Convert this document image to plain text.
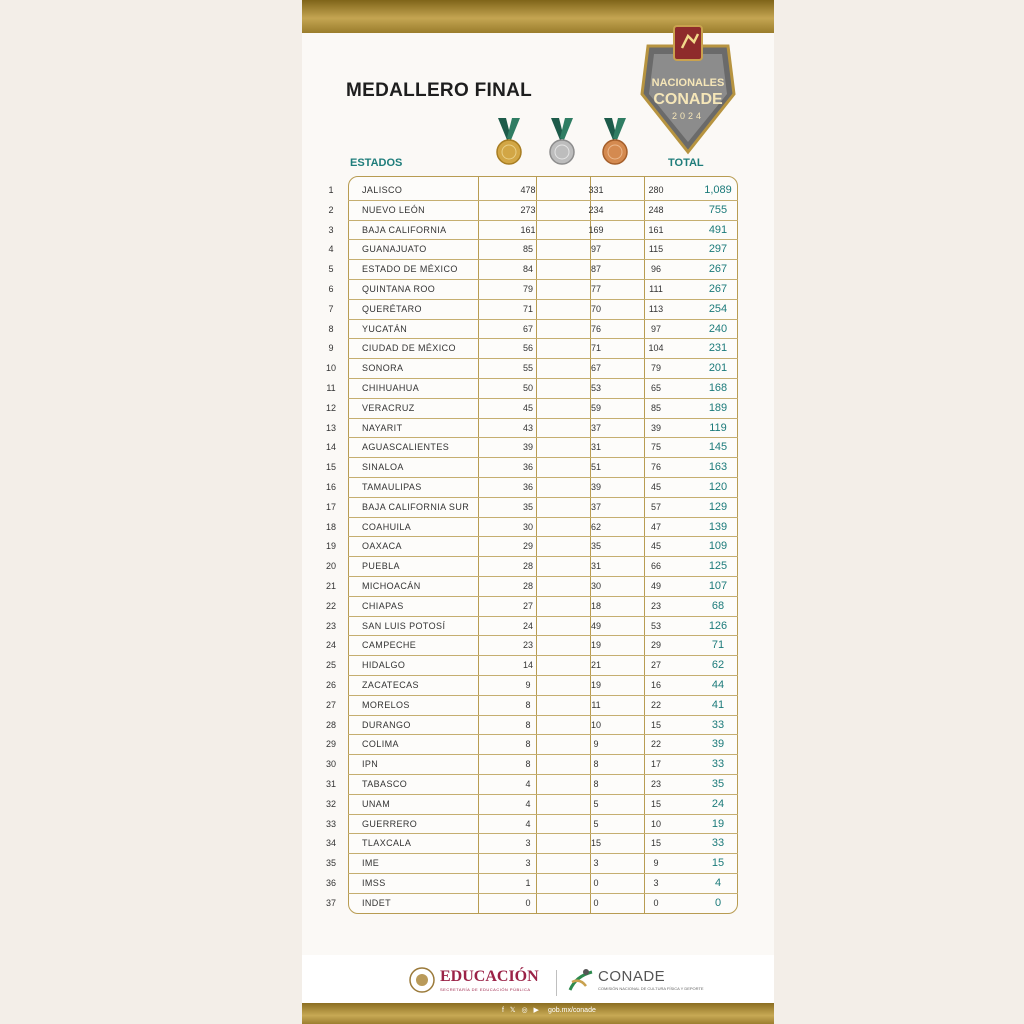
MEDALLERO FINAL	NACIONALES
CONADE
2024
ESTADOS	TOTAL
EDUCACIÓN
SECRETARÍA DE EDUCACIÓN PÚBLICA
CONADE
COMISIÓN NACIONAL DE CULTURA FÍSICA Y DEPORTE
f 𝕏 ◎ ▶ gob.mx/conade
1	JALISCO	478	331	280	1,089
2	NUEVO LEÓN	273	234	248	755
3	BAJA CALIFORNIA	161	169	161	491
4	GUANAJUATO	85	97	115	297
5	ESTADO DE MÉXICO	84	87	96	267
6	QUINTANA ROO	79	77	111	267
7	QUERÉTARO	71	70	113	254
8	YUCATÁN	67	76	97	240
9	CIUDAD DE MÉXICO	56	71	104	231
10	SONORA	55	67	79	201
11	CHIHUAHUA	50	53	65	168
12	VERACRUZ	45	59	85	189
13	NAYARIT	43	37	39	119
14	AGUASCALIENTES	39	31	75	145
15	SINALOA	36	51	76	163
16	TAMAULIPAS	36	39	45	120
17	BAJA CALIFORNIA SUR	35	37	57	129
18	COAHUILA	30	62	47	139
19	OAXACA	29	35	45	109
20	PUEBLA	28	31	66	125
21	MICHOACÁN	28	30	49	107
22	CHIAPAS	27	18	23	68
23	SAN LUIS POTOSÍ	24	49	53	126
24	CAMPECHE	23	19	29	71
25	HIDALGO	14	21	27	62
26	ZACATECAS	9	19	16	44
27	MORELOS	8	11	22	41
28	DURANGO	8	10	15	33
29	COLIMA	8	9	22	39
30	IPN	8	8	17	33
31	TABASCO	4	8	23	35
32	UNAM	4	5	15	24
33	GUERRERO	4	5	10	19
34	TLAXCALA	3	15	15	33
35	IME	3	3	9	15
36	IMSS	1	0	3	4
37	INDET	0	0	0	0
